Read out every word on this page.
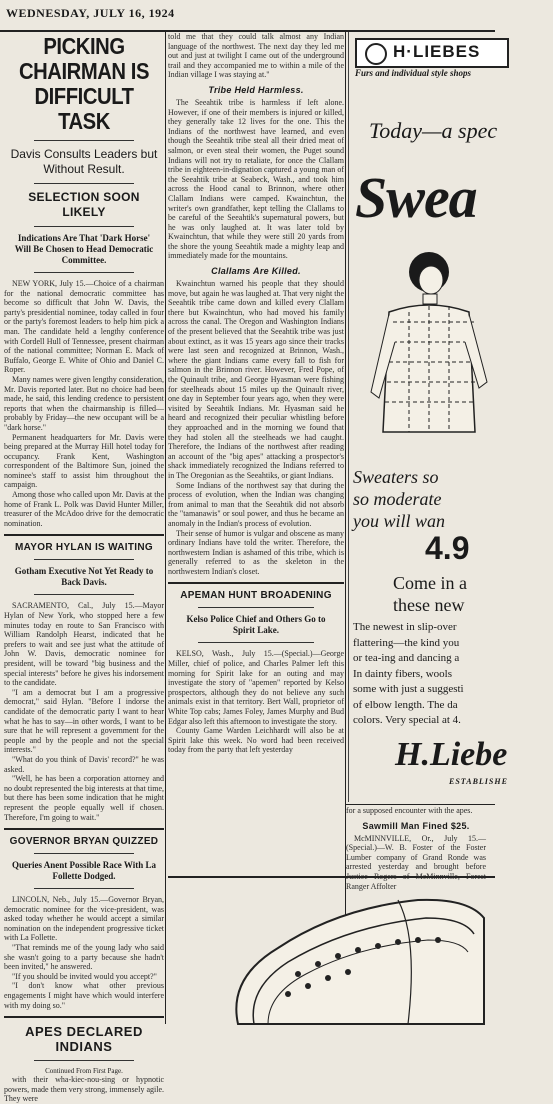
WEDNESDAY, JULY 16, 1924
PICKING CHAIRMAN IS DIFFICULT TASK
Davis Consults Leaders but Without Result.
SELECTION SOON LIKELY
Indications Are That 'Dark Horse' Will Be Chosen to Head Democratic Committee.

NEW YORK, July 15.—Choice of a chairman for the national democratic committee has become so difficult that John W. Davis, the party's presidential nominee, today called in four or the party's foremost leaders to help him pick a man. The candidate held a lengthy conference with Cordell Hull of Tennessee, present chairman of the national committee; Norman E. Mack of Buffalo, George E. White of Ohio and Daniel C. Roper.

Many names were given lengthy consideration, Mr. Davis reported later. But no choice had been made, he said, this lending credence to persistent reports that when the chairmanship is filled—probably by Friday—the new occupant will be a "dark horse."

Permanent headquarters for Mr. Davis were being prepared at the Murray Hill hotel today for occupancy. Frank Kent, Washington correspondent of the Baltimore Sun, joined the nominee's staff to assist him throughout the campaign.

Among those who called upon Mr. Davis at the home of Frank L. Polk was David Hunter Miller, treasurer of the McAdoo drive for the democratic nomination.

MAYOR HYLAN IS WAITING
Gotham Executive Not Yet Ready to Back Davis.

SACRAMENTO, Cal., July 15.—Mayor Hylan of New York, who stopped here a few minutes today en route to San Francisco with William Randolph Hearst, indicated that he prefers to wait and see just what the attitude of John W. Davis, democratic nominee for president, will be toward "big business and the special interests" before he gives his indorsement to the candidate.

"I am a democrat but I am a progressive democrat," said Hylan. "Before I indorse the candidate of the democratic party I want to hear what he has to say—in other words, I want to be sure that he will represent a government for the people and by the people and not the special interests."

"What do you think of Davis' record?" he was asked.

"Well, he has been a corporation attorney and no doubt represented the big interests at that time, but there has been some indication that he might represent the people equally well if chosen. Therefore, I'm going to wait."

GOVERNOR BRYAN QUIZZED
Queries Anent Possible Race With La Follette Dodged.

LINCOLN, Neb., July 15.—Governor Bryan, democratic nominee for the vice-president, was asked today whether he would accept a similar nomination on the independent progressive ticket with La Follette.

"That reminds me of the young lady who said she wasn't going to a party because she hadn't been invited," he answered.

"If you should be invited would you accept?"

"I don't know what other previous engagements I might have which would interfere with my doing so."

APES DECLARED INDIANS

Continued From First Page.

with their wha-kiec-nou-sing or hypnotic powers, made them very strong, immensely agile. They were

told me that they could talk almost any Indian language of the northwest. The next day they led me out and just at twilight I came out of the underground trail and they accompanied me to within a mile of the Indian village I was staying at."

Tribe Held Harmless.

The Seeahtik tribe is harmless if left alone. However, if one of their members is injured or killed, they generally take 12 lives for the one. This the Indians of the northwest have learned, and even though the Seeahtik tribe steal all their dried meat of salmon, or even steal their women, the Puget sound Indians will not try to retaliate, for once the Clallam tribe in eighteen-in-dignation captured a young man of the Seeahtik tribe at Seabeck, Wash., and took him across the Hood canal to Brinnon, where other Clallam Indians were camped. Kwainchtun, the writer's own grandfather, kept telling the Clallams to be careful of the Seeahtik's supernatural powers, but he was only laughed at. It was later told by Kwainchtun, that while they were still 20 yards from the shore the young Seeahtik made a mighty leap and immediately made for the mountains.

Clallams Are Killed.

Kwainchtun warned his people that they should move, but again he was laughed at. That very night the Seeahtik tribe came down and killed every Clallam there but Kwainchtun, who had moved his family across the canal. The Oregon and Washington Indians of the present believed that the Seeahtik tribe was just about extinct, as it was 15 years ago since their tracks were last seen and recognized at Brinnon, Wash., where the giant Indians came every fall to fish for salmon in the Brinnon river. However, Fred Pope, of the Quinault tribe, and George Hyasman were fishing for steelheads about 15 miles up the Quinault river, one day in September four years ago, when they were visited by Seeahtik Indians. Mr. Hyasman said he heard and recognized their peculiar whistling before they approached and in the morning we found that they had stolen all the steelheads we had caught. Therefore, the Indians of the northwest after reading an account of the "big apes" attacking a prospector's shack immediately recognized the Indians referred to in The Oregonian as the Seeahtiks, or giant Indians.

Some Indians of the northwest say that during the process of evolution, when the Indian was changing from animal to man that the Seeahtik did not absorb the "tamanawis" or soul power, and thus he became an anomaly in the Indian's process of evolution.

Their sense of humor is vulgar and obscene as many ordinary Indians have told the writer. Therefore, the northwestern Indian is ashamed of this tribe, which is generally referred to as the skeleton in the northwestern Indian's closet.

APEMAN HUNT BROADENING
Kelso Police Chief and Others Go to Spirit Lake.

KELSO, Wash., July 15.—(Special.)—George Miller, chief of police, and Charles Palmer left this morning for Spirit lake for an outing and may investigate the story of "apemen" reported by Kelso prospectors, although they do not believe any such animals exist in that territory. Bert Wall, proprietor of White Top cabs; James Foley, James Murphy and Bud Edgar also left this afternoon to investigate the story.

County Game Warden Leichhardt will also be at Spirit lake this week. No word had been received today from the party that left yesterday

H·LIEBES
Furs and individual style shops
Today—a spec
Swea
Sweaters so
so moderate
you will wan
4.9
Come in a
these new
The newest in slip-over
flattering—the kind you
or tea-ing and dancing a
In dainty fibers, wools
some with just a suggesti
of elbow length. The da
colors. Very special at 4.
H.Liebe
ESTABLISHE

for a supposed encounter with the apes.

Sawmill Man Fined $25.

McMINNVILLE, Or., July 15.—(Special.)—W. B. Foster of the Foster Lumber company of Grand Ronde was arrested yesterday and brought before Justice Rogers of McMinnville, Forest Ranger Affolter
